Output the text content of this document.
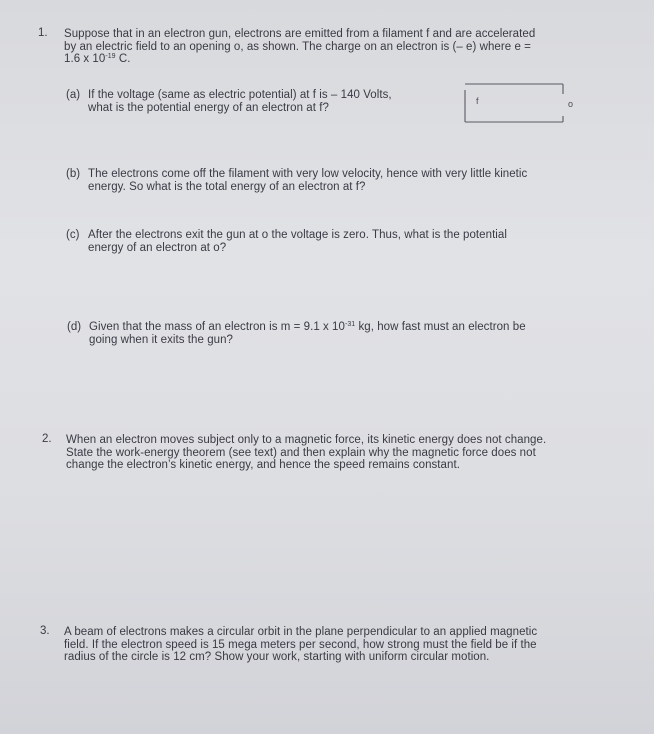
1. Suppose that in an electron gun, electrons are emitted from a filament f and are accelerated
by an electric field to an opening o, as shown. The charge on an electron is (– e) where e =
1.6 x $10^{-19}$ C.
(a) If the voltage (same as electric potential) at f is – 140 Volts,
what is the potential energy of an electron at f?
f	o
(b) The electrons come off the filament with very low velocity, hence with very little kinetic
energy. So what is the total energy of an electron at f?
(c) After the electrons exit the gun at o the voltage is zero. Thus, what is the potential
energy of an electron at o?
(d) Given that the mass of an electron is m = 9.1 x $10^{-31}$ kg, how fast must an electron be
going when it exits the gun?
2. When an electron moves subject only to a magnetic force, its kinetic energy does not change.
State the work-energy theorem (see text) and then explain why the magnetic force does not
change the electron’s kinetic energy, and hence the speed remains constant.
3. A beam of electrons makes a circular orbit in the plane perpendicular to an applied magnetic
field. If the electron speed is 15 mega meters per second, how strong must the field be if the
radius of the circle is 12 cm? Show your work, starting with uniform circular motion.
